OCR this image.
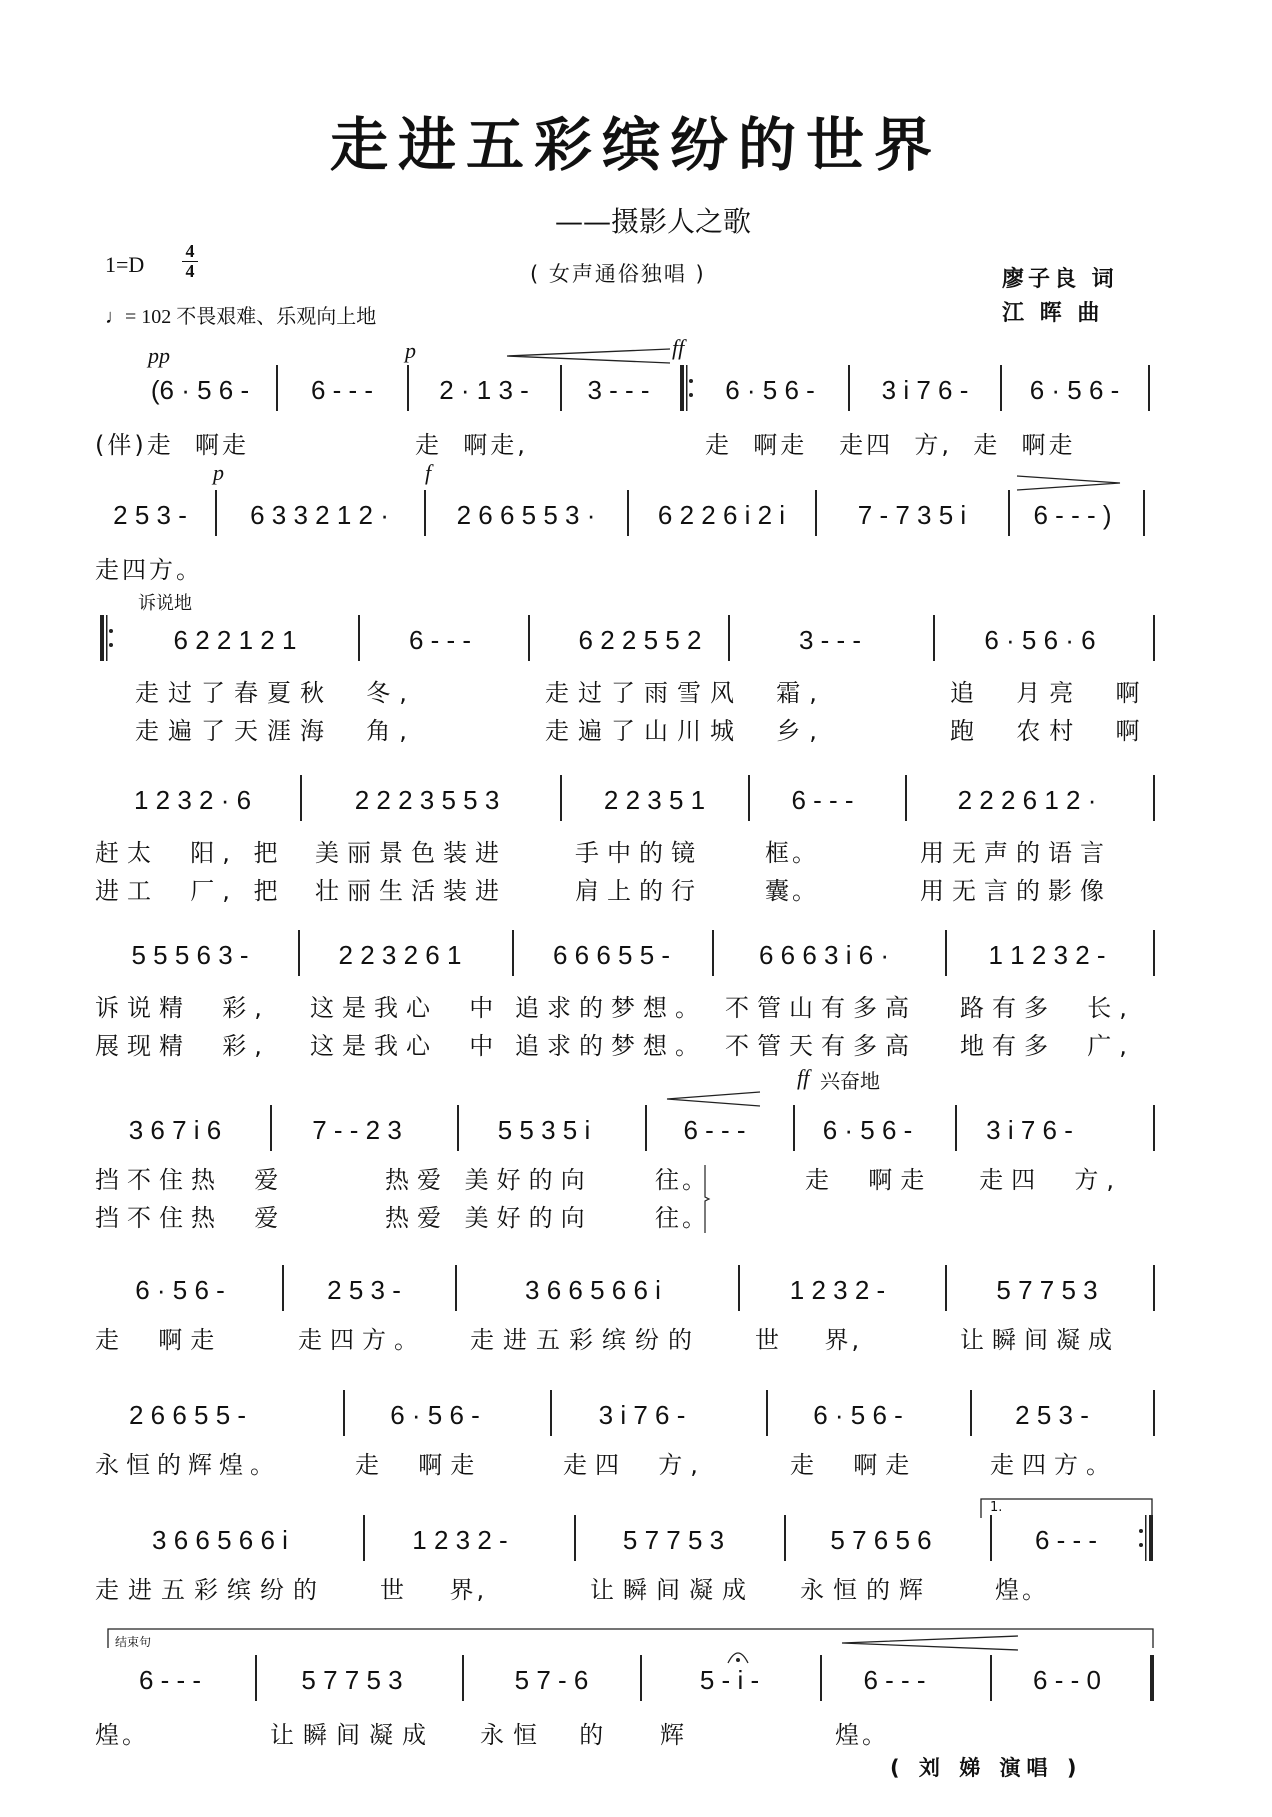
走进五彩缤纷的世界
——摄影人之歌
( 女声通俗独唱 )
1=D
4
4
♩= 102 不畏艰难、乐观向上地
廖子良 词
江 晖 曲
pp	p	ff
(6 · 5 6 -	6 - - -	2 · 1 3 -	3 - - -	6 · 5 6 -	3 i 7 6 -	6 · 5 6 -
(伴)走  啊走	走  啊走,	走  啊走   走四  方,  走  啊走
p	f
2 5 3 -	6 3 3 2 1 2 ·	2 6 6 5 5 3 ·	6 2 2 6 i 2 i	7 - 7 3 5 i	6 - - - )
走四方。
诉说地
6 2 2 1 2 1	6 - - -	6 2 2 5 5 2	3 - - -	6 · 5 6 · 6
走过了春夏秋  冬,	走过了雨雪风  霜,	追  月亮  啊
走遍了天涯海  角,	走遍了山川城  乡,	跑  农村  啊
1 2 3 2 · 6	2 2 2 3 5 5 3	2 2 3 5 1	6 - - -	2 2 2 6 1 2 ·
赶太  阳, 把 美丽景色装进	手中的镜	框。	用无声的语言
进工  厂, 把 壮丽生活装进	肩上的行	囊。	用无言的影像
5 5 5 6 3 -	2 2 3 2 6 1	6 6 6 5 5 -	6 6 6 3 i 6 ·	1 1 2 3 2 -
诉说精  彩, 这是我心  中 追求的梦想。 不管山有多高 路有多  长,
展现精  彩, 这是我心  中 追求的梦想。 不管天有多高 地有多  广,
ff 兴奋地
3 6 7 i 6	7 - - 2 3	5 5 3 5 i	6 - - -	6 · 5 6 -	3 i 7 6 -
挡不住热  爱	热爱 美好的向	往。	走  啊走   走四  方,
挡不住热  爱	热爱 美好的向	往。
6 · 5 6 -	2 5 3 -	3 6 6 5 6 6 i	1 2 3 2 -	5 7 7 5 3
走  啊走	走四方。 走进五彩缤纷的 世    界,	让瞬间凝成
2 6 6 5 5 -	6 · 5 6 -	3 i 7 6 -	6 · 5 6 -	2 5 3 -
永恒的辉煌。	走  啊走	走四  方,	走  啊走	走四方。
1.
3 6 6 5 6 6 i	1 2 3 2 -	5 7 7 5 3	5 7 6 5 6	6 - - -
走进五彩缤纷的 世    界,	让瞬间凝成 永恒的辉	煌。
结束句
6 - - -	5 7 7 5 3	5 7 - 6	5 - i -	6 - - -	6 - - 0
煌。	让瞬间凝成 永恒  的 辉	煌。
( 刘 娣 演唱 )
